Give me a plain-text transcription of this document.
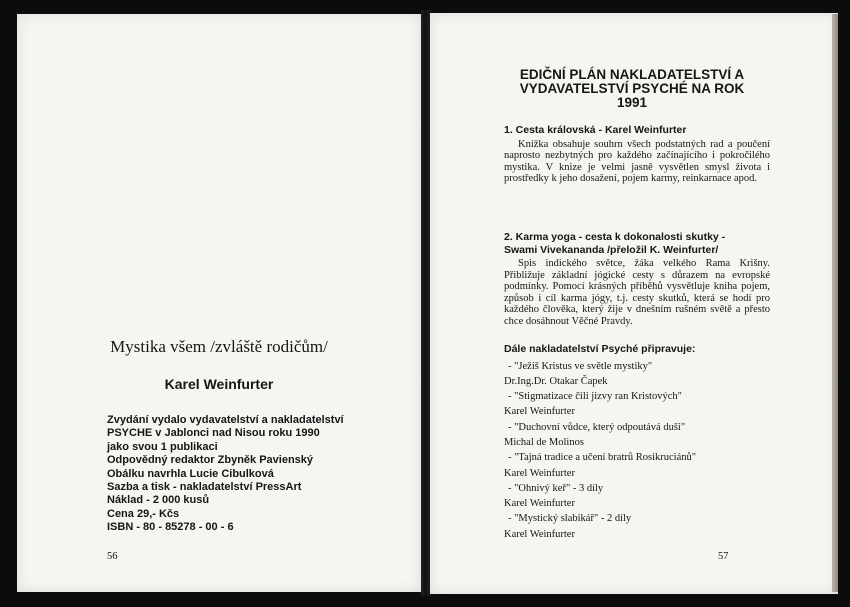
Mystika všem /zvláště rodičům/
Karel Weinfurter
Zvydání vydalo vydavatelství a nakladatelství
PSYCHE v Jablonci nad Nisou roku 1990
jako svou 1 publikaci
Odpovědný redaktor Zbyněk Pavienský
Obálku navrhla Lucie Cibulková
Sazba a tisk - nakladatelství PressArt
Náklad - 2 000 kusů
Cena 29,- Kčs
ISBN - 80 - 85278 - 00 - 6
56
EDIČNÍ PLÁN NAKLADATELSTVÍ A
VYDAVATELSTVÍ PSYCHÉ NA ROK
1991
1. Cesta královská - Karel Weinfurter
Knížka obsahuje souhrn všech podstatných rad a poučení naprosto nezbytných pro každého začínajícího i pokročilého mystika. V knize je velmi jasně vysvětlen smysl života i prostředky k jeho dosažení, pojem karmy, reinkarnace apod.
2. Karma yoga - cesta k dokonalosti skutky -
Swami Vivekananda /přeložil K. Weinfurter/
Spis indického světce, žáka velkého Rama Krišny. Přibližuje základní jógické cesty s důrazem na evropské podmínky. Pomocí krásných příběhů vysvětluje kniha pojem, způsob i cíl karma jógy, t.j. cesty skutků, která se hodí pro každého člověka, který žije v dnešním rušném světě a přesto chce dosáhnout Věčné Pravdy.
Dále nakladatelství Psyché připravuje:
- "Ježíš Kristus ve světle mystiky"
Dr.Ing.Dr. Otakar Čapek
- "Stigmatizace čili jizvy ran Kristových"
Karel Weinfurter
- "Duchovní vůdce, který odpoutává duši"
Michal de Molinos
- "Tajná tradice a učení bratrů Rosikruciánů"
Karel Weinfurter
- "Ohnivý keř" - 3 díly
Karel Weinfurter
- "Mystický slabikář" - 2 díly
Karel Weinfurter
57
